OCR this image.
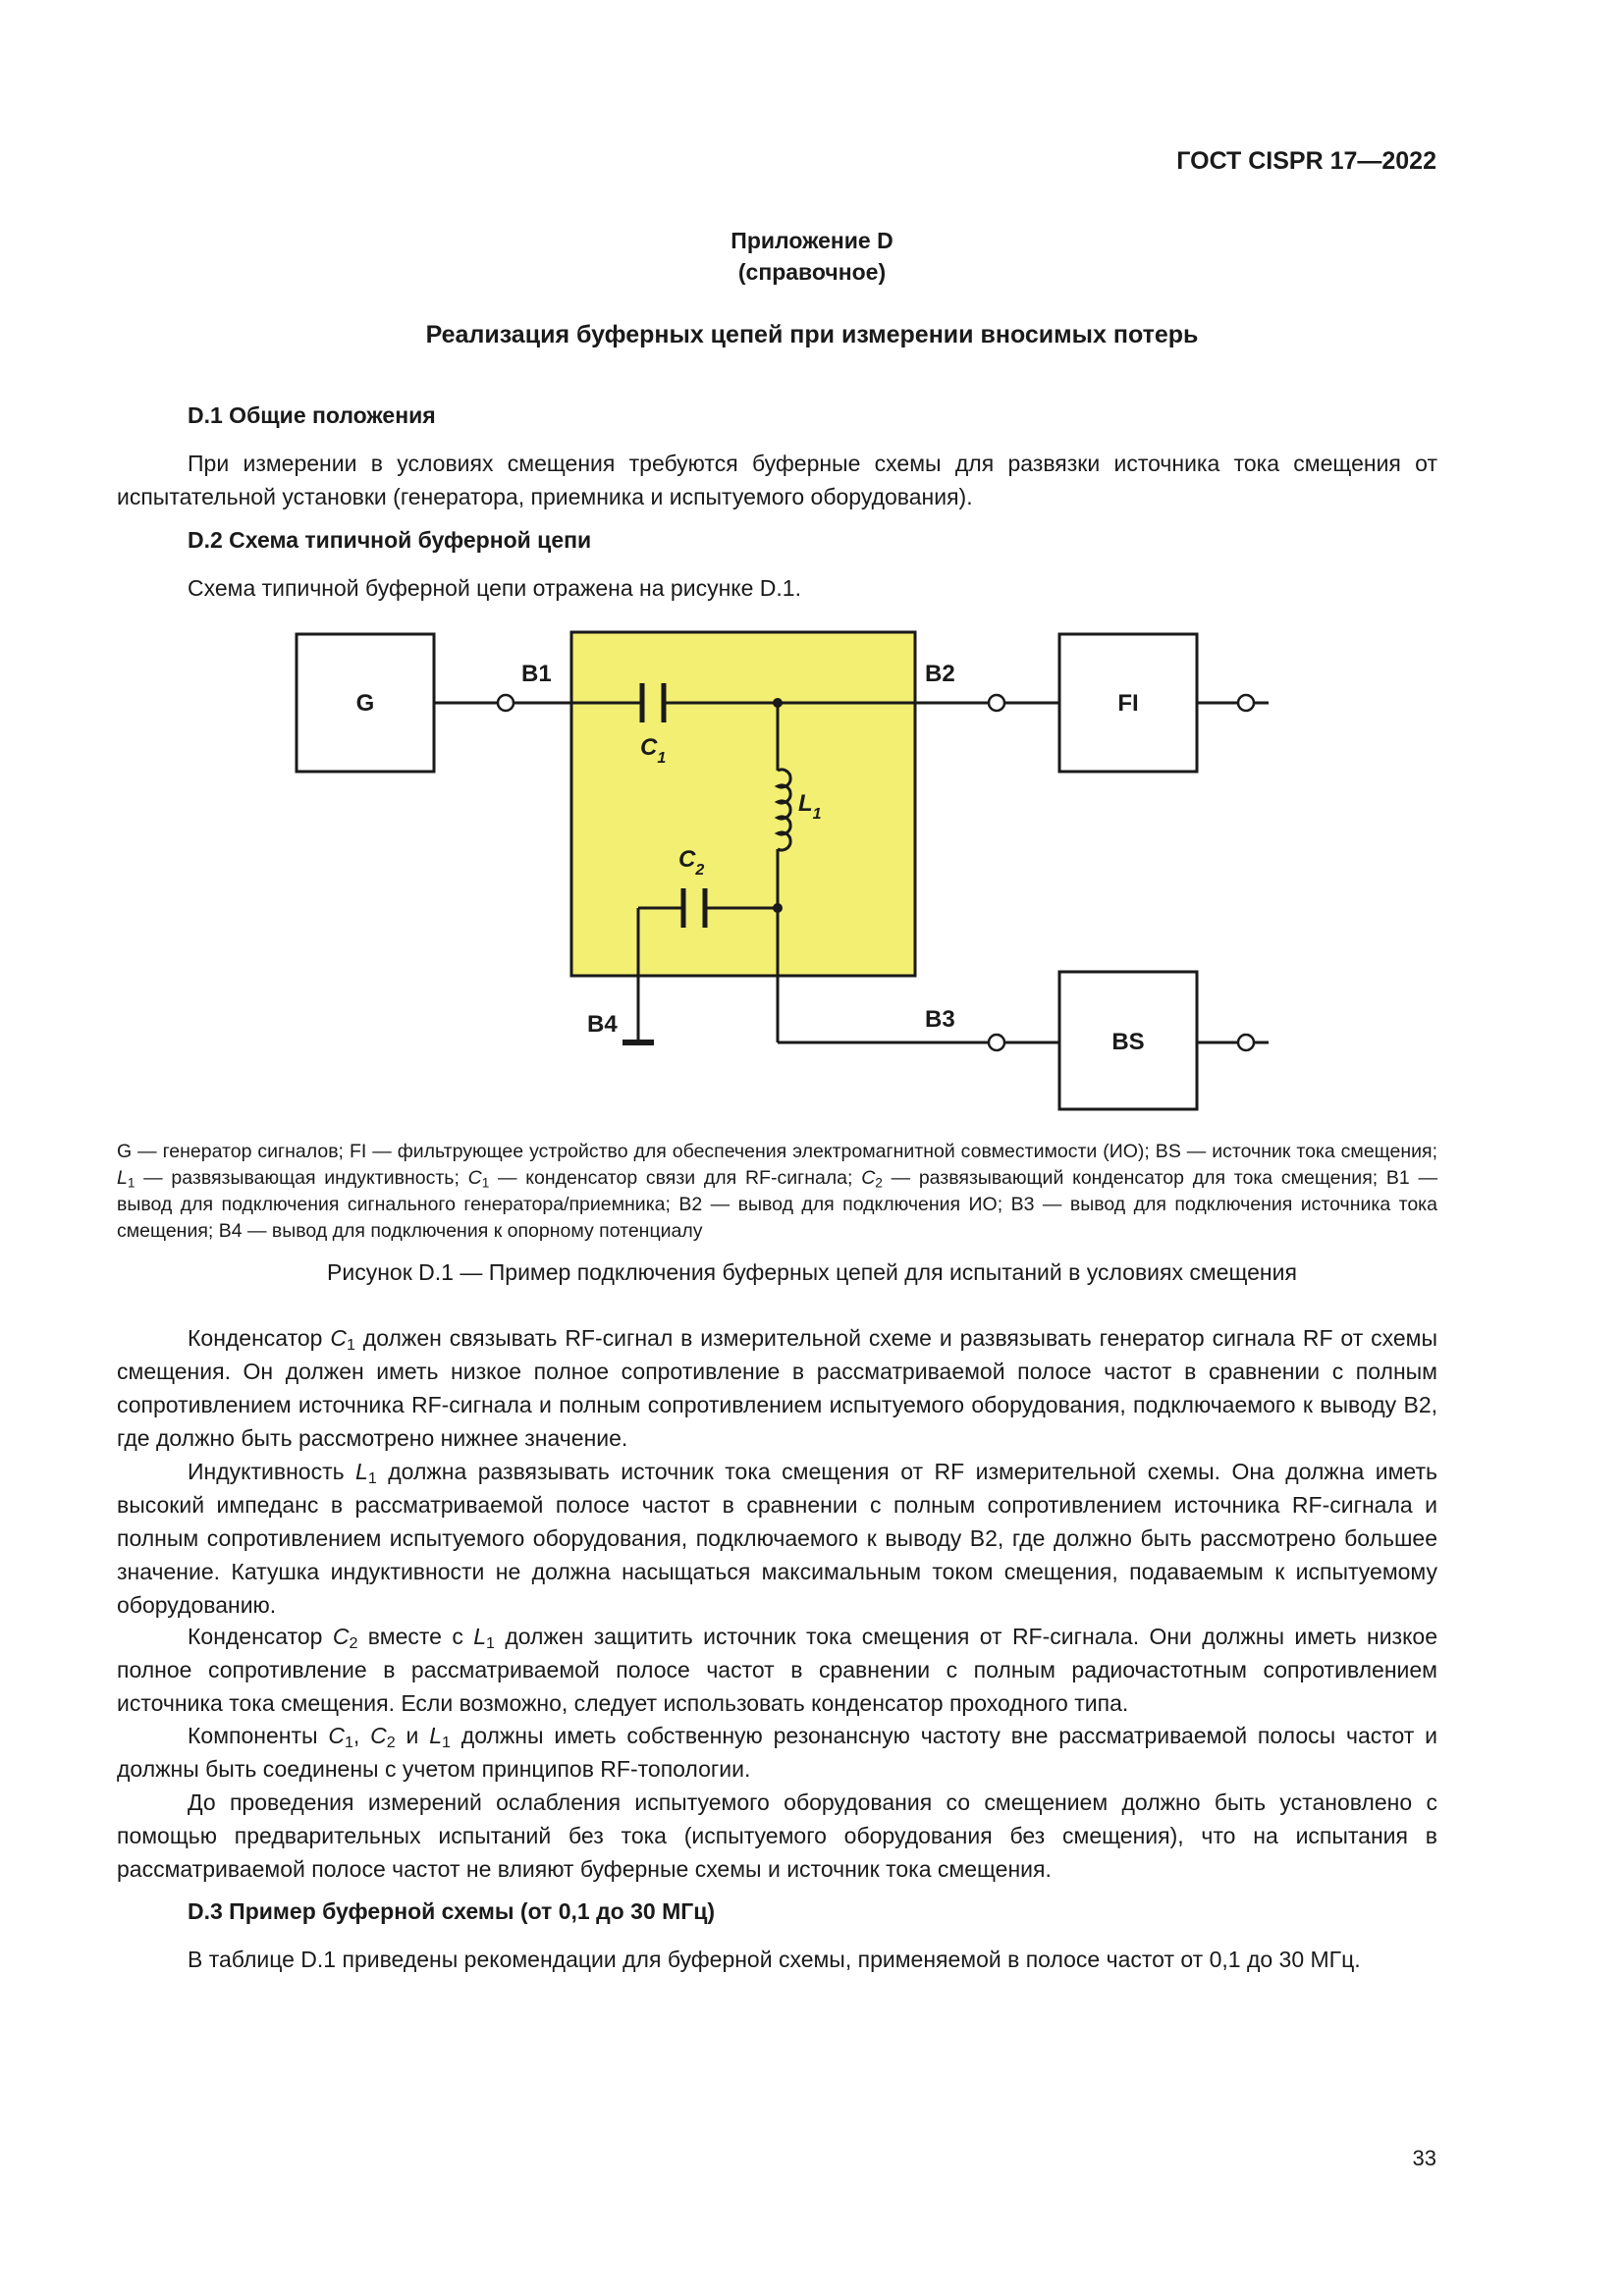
ГОСТ CISPR 17—2022
Приложение D
(справочное)
Реализация буферных цепей при измерении вносимых потерь
D.1 Общие положения
При измерении в условиях смещения требуются буферные схемы для развязки источника тока смещения от испытательной установки (генератора, приемника и испытуемого оборудования).
D.2 Схема типичной буферной цепи
Схема типичной буферной цепи отражена на рисунке D.1.
G	FI
BS
B1	B2
B3
B4
$C_1$
$L_1$
$C_2$
G — генератор сигналов; FI — фильтрующее устройство для обеспечения электромагнитной совместимости (ИО); BS — источник тока смещения; $L_1$ — развязывающая индуктивность; $C_1$ — конденсатор связи для RF-сигнала; $C_2$ — развязывающий конденсатор для тока смещения; B1 — вывод для подключения сигнального генератора/приемника; B2 — вывод для подключения ИО; B3 — вывод для подключения источника тока смещения; B4 — вывод для подключения к опорному потенциалу
Рисунок D.1 — Пример подключения буферных цепей для испытаний в условиях смещения
Конденсатор $C_1$ должен связывать RF-сигнал в измерительной схеме и развязывать генератор сигнала RF от схемы смещения. Он должен иметь низкое полное сопротивление в рассматриваемой полосе частот в сравнении с полным сопротивлением источника RF-сигнала и полным сопротивлением испытуемого оборудования, подключаемого к выводу В2, где должно быть рассмотрено нижнее значение.
Индуктивность $L_1$ должна развязывать источник тока смещения от RF измерительной схемы. Она должна иметь высокий импеданс в рассматриваемой полосе частот в сравнении с полным сопротивлением источника RF-сигнала и полным сопротивлением испытуемого оборудования, подключаемого к выводу В2, где должно быть рассмотрено большее значение. Катушка индуктивности не должна насыщаться максимальным током смещения, подаваемым к испытуемому оборудованию.
Конденсатор $C_2$ вместе с $L_1$ должен защитить источник тока смещения от RF-сигнала. Они должны иметь низкое полное сопротивление в рассматриваемой полосе частот в сравнении с полным радиочастотным сопротивлением источника тока смещения. Если возможно, следует использовать конденсатор проходного типа.
Компоненты $C_1$, $C_2$ и $L_1$ должны иметь собственную резонансную частоту вне рассматриваемой полосы частот и должны быть соединены с учетом принципов RF-топологии.
До проведения измерений ослабления испытуемого оборудования со смещением должно быть установлено с помощью предварительных испытаний без тока (испытуемого оборудования без смещения), что на испытания в рассматриваемой полосе частот не влияют буферные схемы и источник тока смещения.
D.3 Пример буферной схемы (от 0,1 до 30 МГц)
В таблице D.1 приведены рекомендации для буферной схемы, применяемой в полосе частот от 0,1 до 30 МГц.
33
